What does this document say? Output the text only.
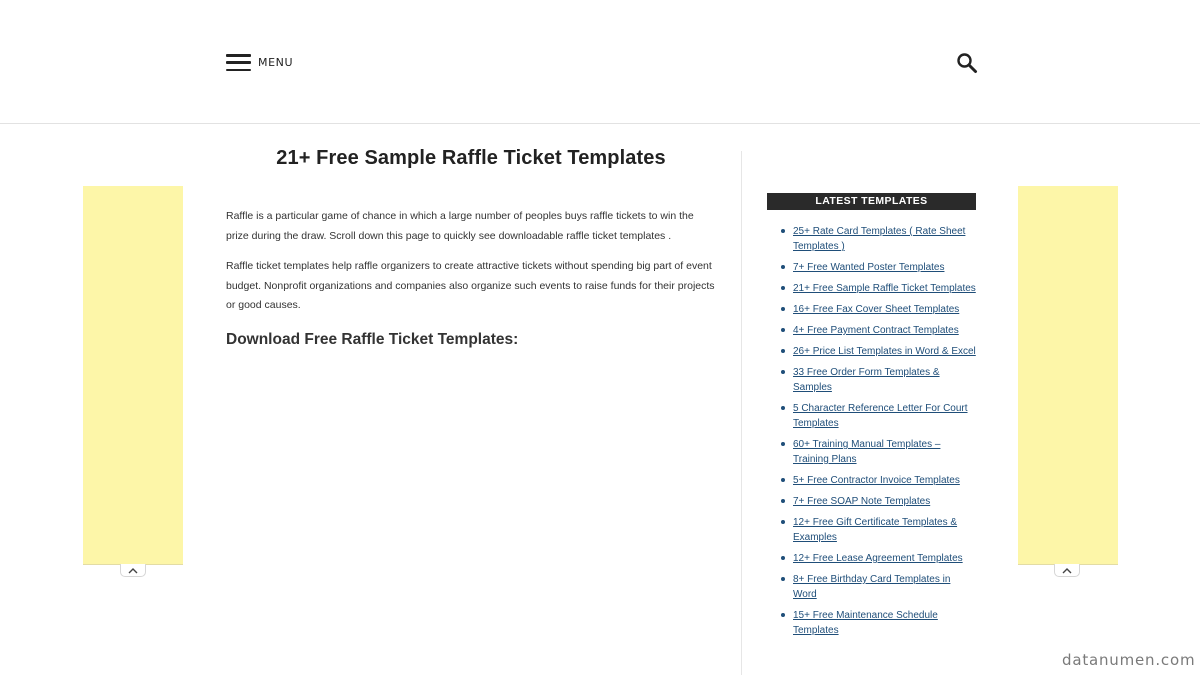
MENU
21+ Free Sample Raffle Ticket Templates

Raffle is a particular game of chance in which a large number of peoples buys raffle tickets to win the prize during the draw. Scroll down this page to quickly see downloadable raffle ticket templates .

Raffle ticket templates help raffle organizers to create attractive tickets without spending big part of event budget. Nonprofit organizations and companies also organize such events to raise funds for their projects or good causes.

Download Free Raffle Ticket Templates:
LATEST TEMPLATES
25+ Rate Card Templates ( Rate Sheet Templates )
7+ Free Wanted Poster Templates
21+ Free Sample Raffle Ticket Templates
16+ Free Fax Cover Sheet Templates
4+ Free Payment Contract Templates
26+ Price List Templates in Word & Excel
33 Free Order Form Templates & Samples
5 Character Reference Letter For Court Templates
60+ Training Manual Templates – Training Plans
5+ Free Contractor Invoice Templates
7+ Free SOAP Note Templates
12+ Free Gift Certificate Templates & Examples
12+ Free Lease Agreement Templates
8+ Free Birthday Card Templates in Word
15+ Free Maintenance Schedule Templates
datanumen.com
